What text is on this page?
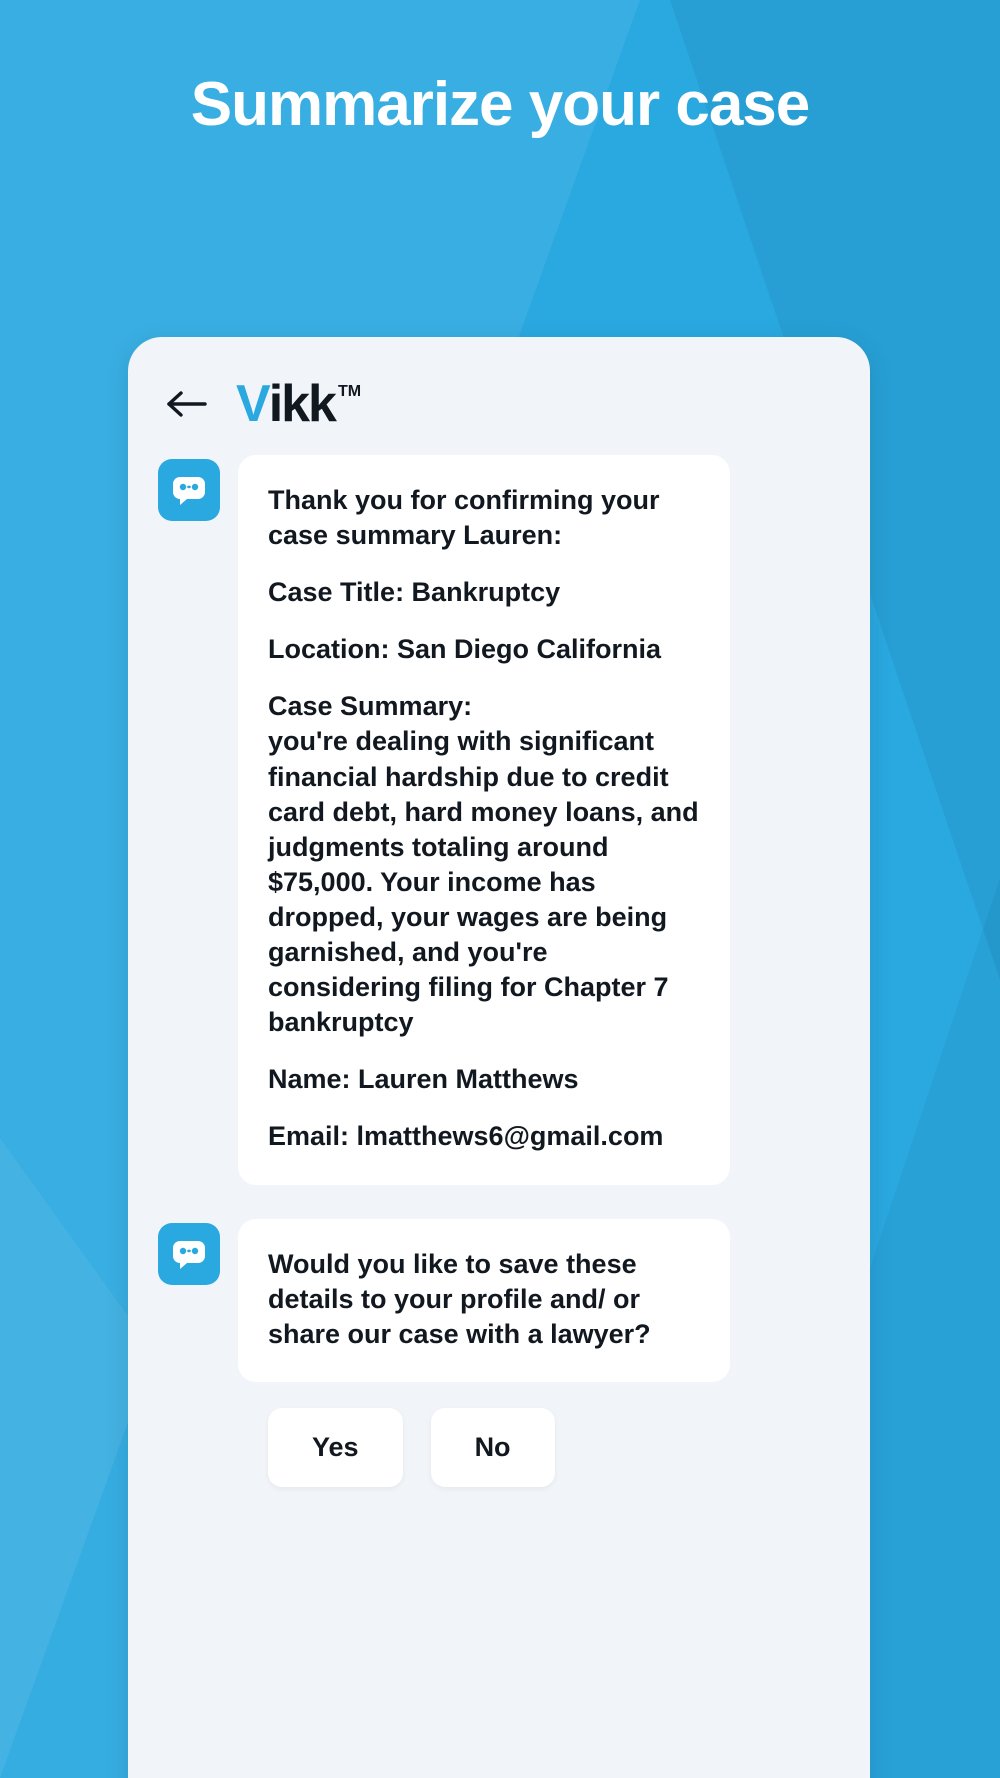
Summarize your case
V ikk TM

Thank you for confirming your case summary Lauren:

Case Title: Bankruptcy

Location: San Diego California

Case Summary:

you're dealing with significant financial hardship due to credit card debt, hard money loans, and judgments totaling around $75,000. Your income has dropped, your wages are being garnished, and you're considering filing for Chapter 7 bankruptcy

Name: Lauren Matthews

Email: lmatthews6@gmail.com

Would you like to save these details to your profile and/ or share our case with a lawyer?

Yes	No
